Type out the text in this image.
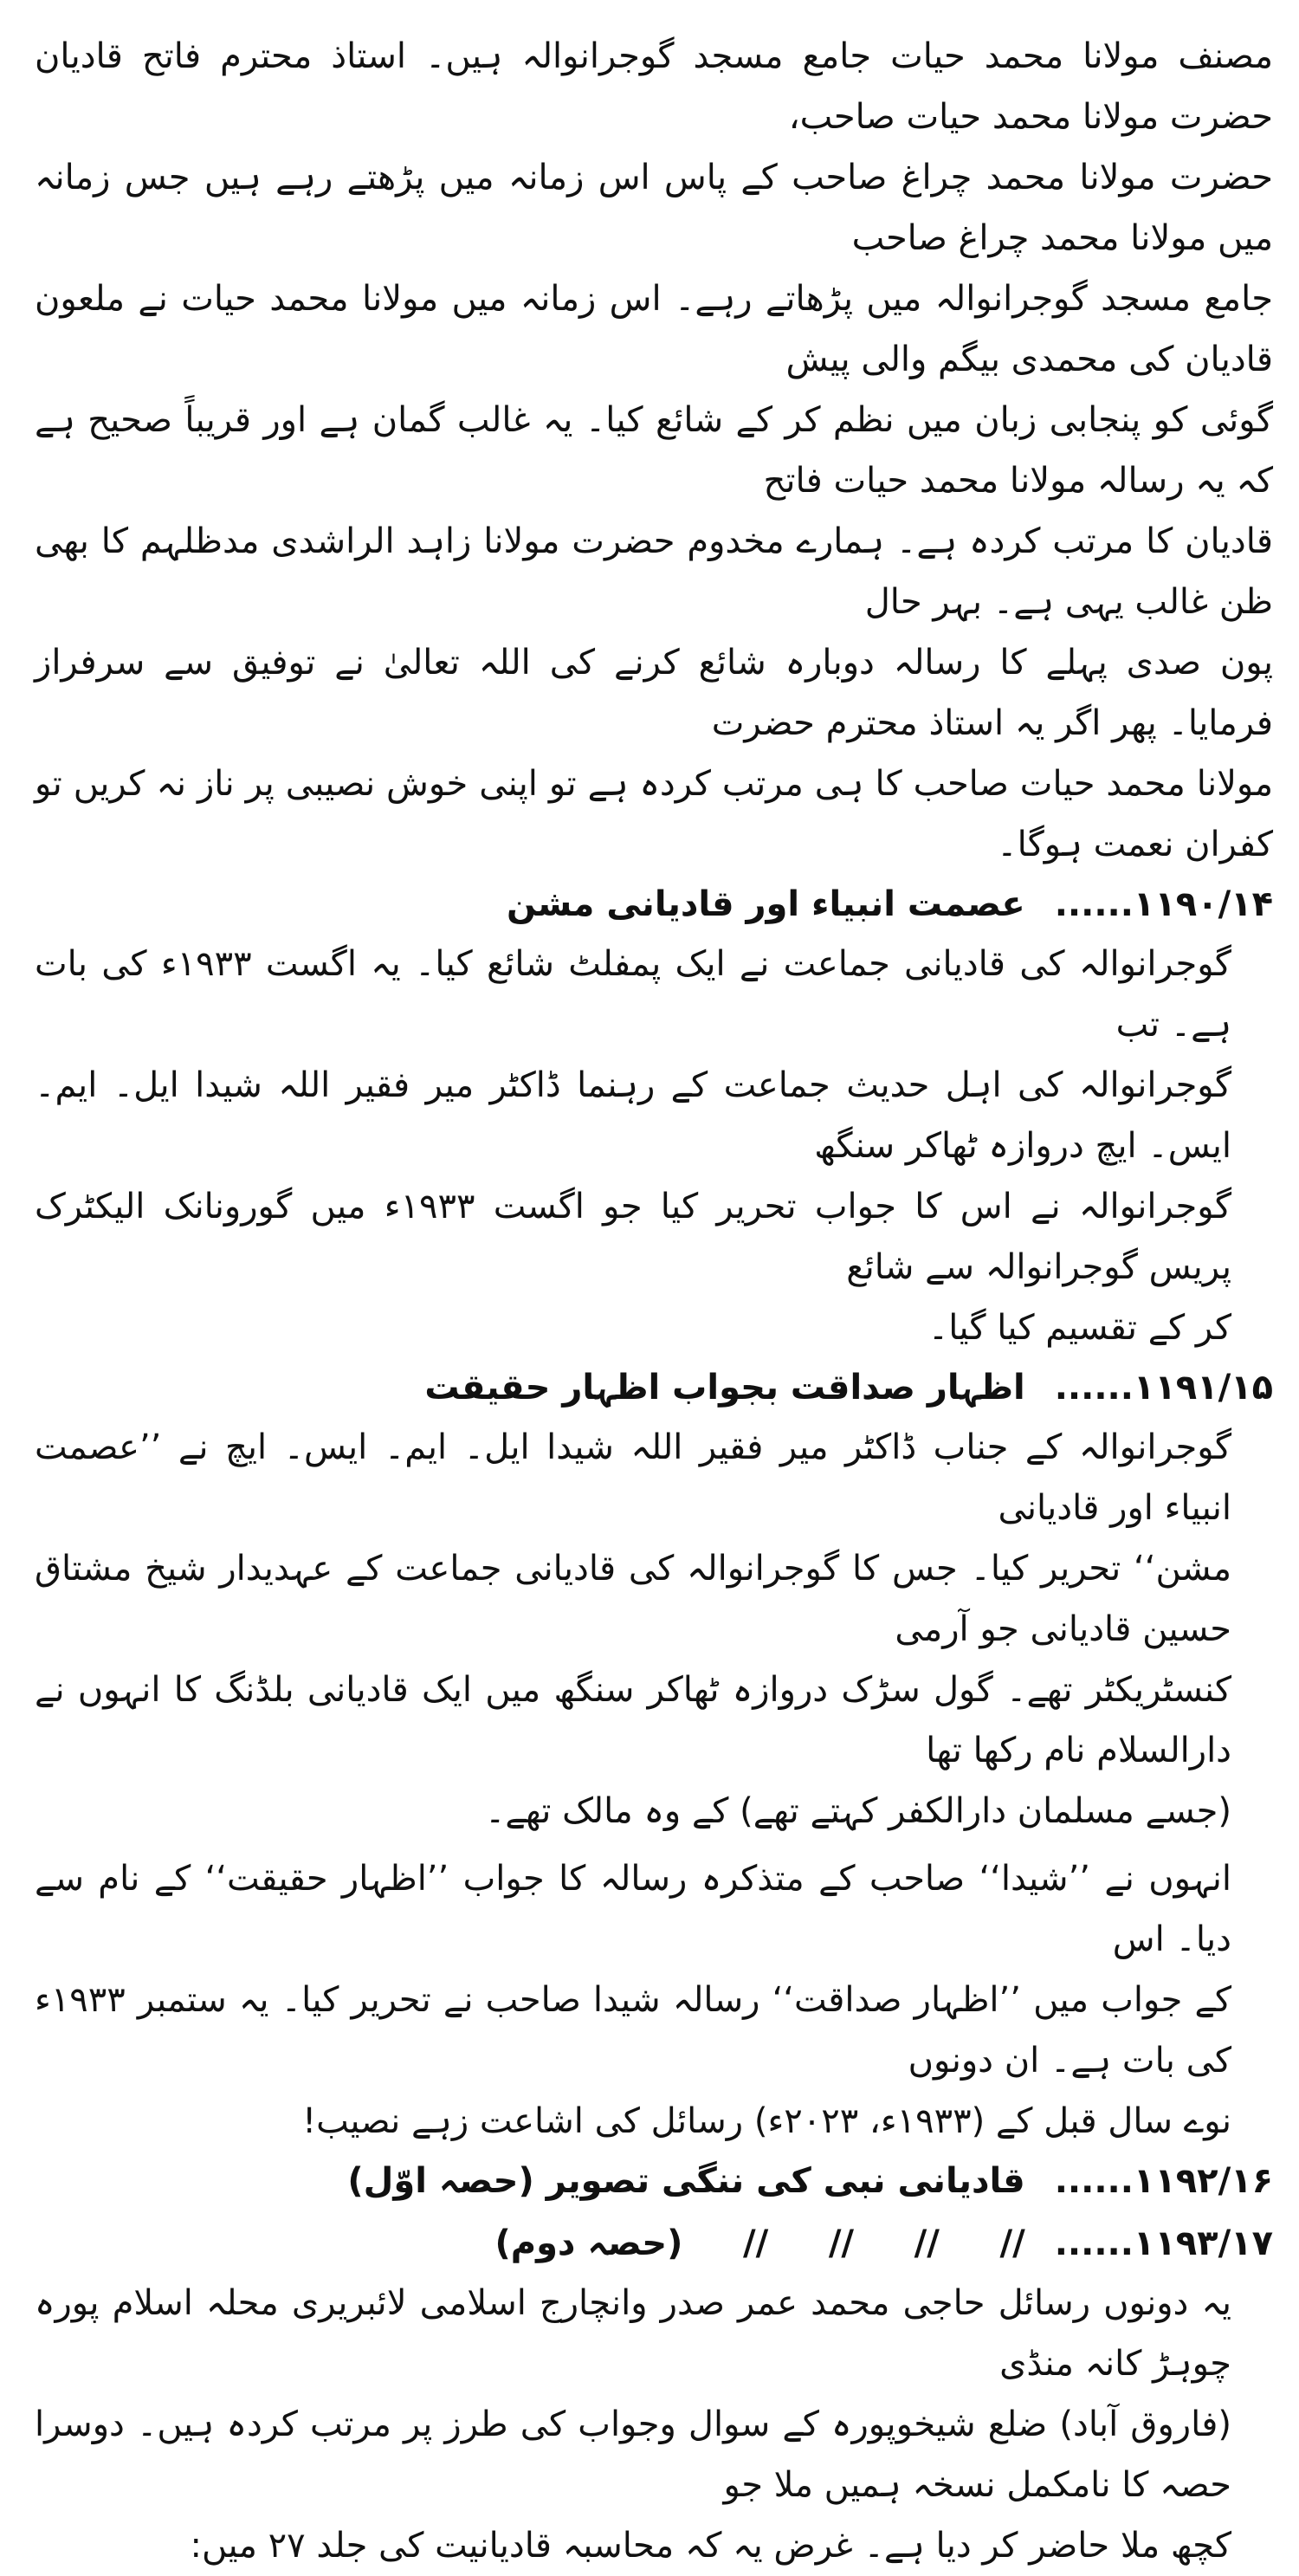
مصنف مولانا محمد حیات جامع مسجد گوجرانوالہ ہیں۔ استاذ محترم فاتح قادیان حضرت مولانا محمد حیات صاحب،
حضرت مولانا محمد چراغ صاحب کے پاس اس زمانہ میں پڑھتے رہے ہیں جس زمانہ میں مولانا محمد چراغ صاحب
جامع مسجد گوجرانوالہ میں پڑھاتے رہے۔ اس زمانہ میں مولانا محمد حیات نے ملعون قادیان کی محمدی بیگم والی پیش
گوئی کو پنجابی زبان میں نظم کر کے شائع کیا۔ یہ غالب گمان ہے اور قریباً صحیح ہے کہ یہ رسالہ مولانا محمد حیات فاتح
قادیان کا مرتب کردہ ہے۔ ہمارے مخدوم حضرت مولانا زاہد الراشدی مدظلہم کا بھی ظن غالب یہی ہے۔ بہر حال
پون صدی پہلے کا رسالہ دوبارہ شائع کرنے کی اللہ تعالیٰ نے توفیق سے سرفراز فرمایا۔ پھر اگر یہ استاذ محترم حضرت
مولانا محمد حیات صاحب کا ہی مرتب کردہ ہے تو اپنی خوش نصیبی پر ناز نہ کریں تو کفران نعمت ہوگا۔
۱۱۹۰/۱۴......عصمت انبیاء اور قادیانی مشن
گوجرانوالہ کی قادیانی جماعت نے ایک پمفلٹ شائع کیا۔ یہ اگست ۱۹۳۳ء کی بات ہے۔ تب
گوجرانوالہ کی اہل حدیث جماعت کے رہنما ڈاکٹر میر فقیر اللہ شیدا ایل۔ ایم۔ ایس۔ ایچ دروازہ ٹھاکر سنگھ
گوجرانوالہ نے اس کا جواب تحریر کیا جو اگست ۱۹۳۳ء میں گورونانک الیکٹرک پریس گوجرانوالہ سے شائع
کر کے تقسیم کیا گیا۔
۱۱۹۱/۱۵......اظہار صداقت بجواب اظہار حقیقت
گوجرانوالہ کے جناب ڈاکٹر میر فقیر اللہ شیدا ایل۔ ایم۔ ایس۔ ایچ نے ’’عصمت انبیاء اور قادیانی
مشن‘‘ تحریر کیا۔ جس کا گوجرانوالہ کی قادیانی جماعت کے عہدیدار شیخ مشتاق حسین قادیانی جو آرمی
کنسٹریکٹر تھے۔ گول سڑک دروازہ ٹھاکر سنگھ میں ایک قادیانی بلڈنگ کا انہوں نے دارالسلام نام رکھا تھا
(جسے مسلمان دارالکفر کہتے تھے) کے وہ مالک تھے۔
انہوں نے ’’شیدا‘‘ صاحب کے متذکرہ رسالہ کا جواب ’’اظہار حقیقت‘‘ کے نام سے دیا۔ اس
کے جواب میں ’’اظہار صداقت‘‘ رسالہ شیدا صاحب نے تحریر کیا۔ یہ ستمبر ۱۹۳۳ء کی بات ہے۔ ان دونوں
نوے سال قبل کے (۱۹۳۳ء، ۲۰۲۳ء) رسائل کی اشاعت زہے نصیب!
۱۱۹۲/۱۶......قادیانی نبی کی ننگی تصویر (حصہ اوّل)
۱۱۹۳/۱۷......//     //     //     //     (حصہ دوم)
یہ دونوں رسائل حاجی محمد عمر صدر وانچارج اسلامی لائبریری محلہ اسلام پورہ چوہڑ کانہ منڈی
(فاروق آباد) ضلع شیخوپورہ کے سوال وجواب کی طرز پر مرتب کردہ ہیں۔ دوسرا حصہ کا نامکمل نسخہ ہمیں ملا جو
کچھ ملا حاضر کر دیا ہے۔ غرض یہ کہ محاسبہ قادیانیت کی جلد ۲۷ میں:
